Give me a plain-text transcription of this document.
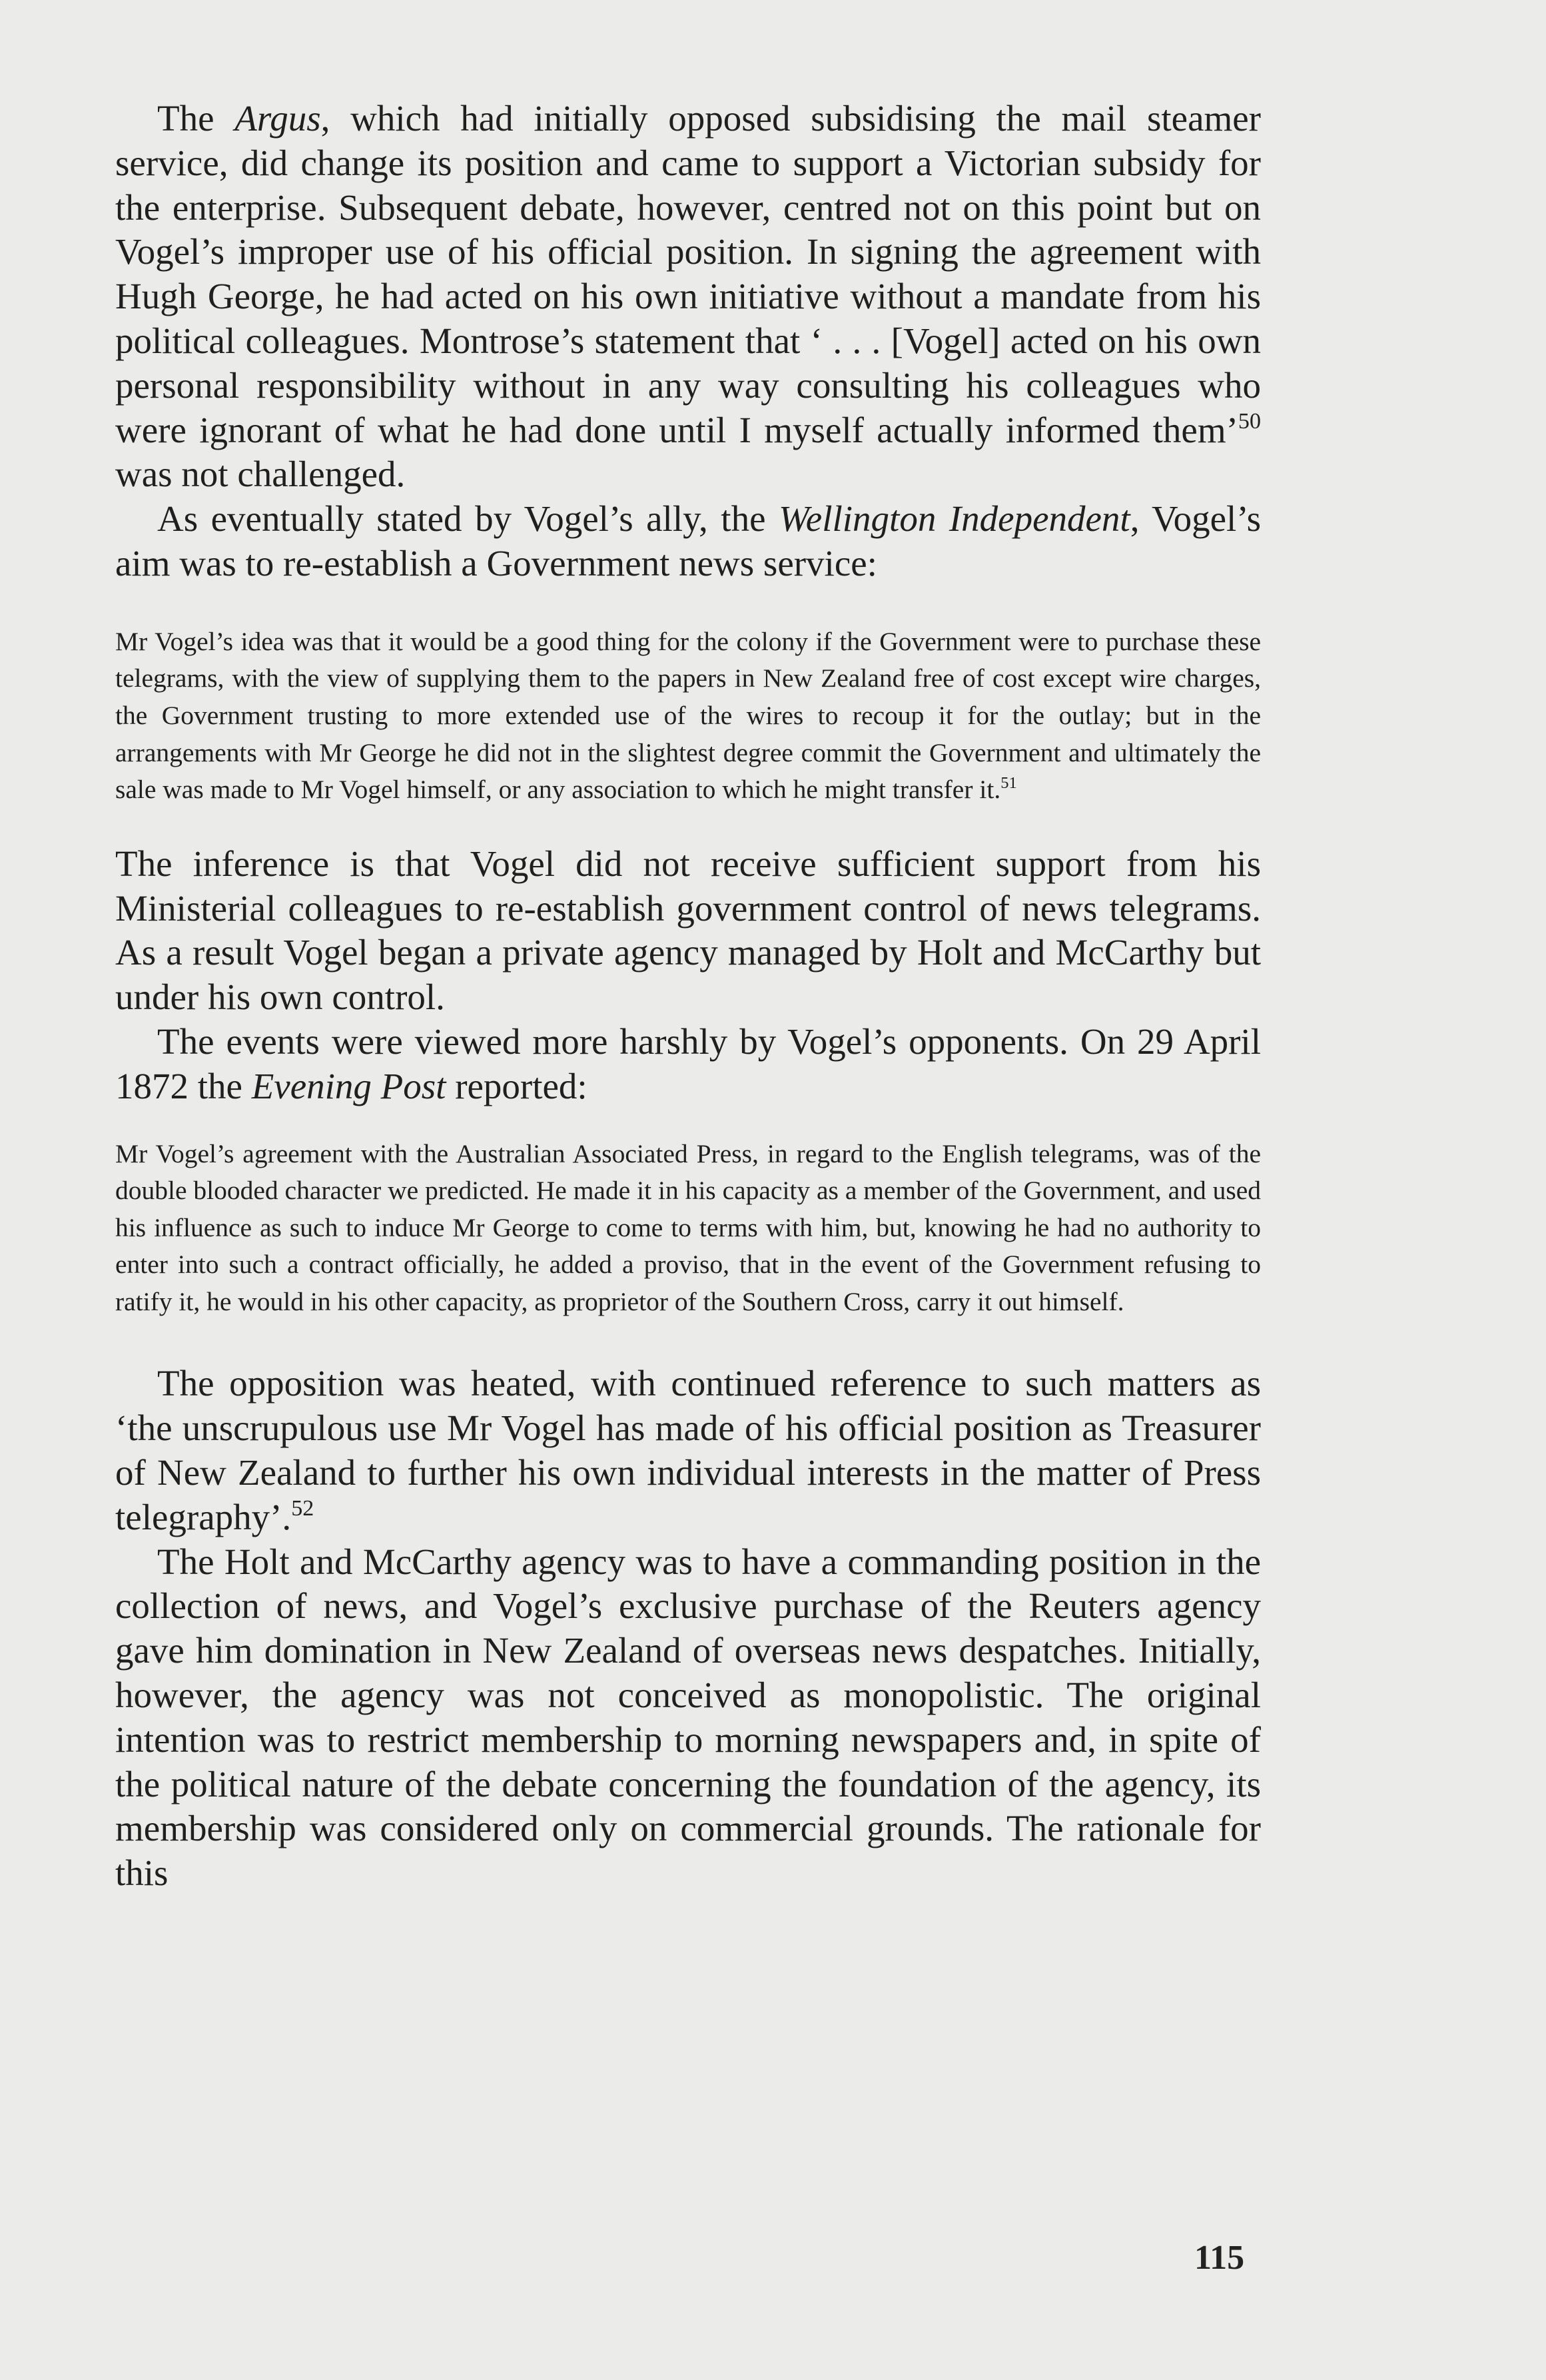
The Argus, which had initially opposed subsidising the mail steamer service, did change its position and came to support a Victorian subsidy for the enterprise. Subsequent debate, however, centred not on this point but on Vogel’s improper use of his official position. In signing the agreement with Hugh George, he had acted on his own initiative without a mandate from his political colleagues. Montrose’s statement that ‘ . . . [Vogel] acted on his own personal responsibility without in any way consulting his colleagues who were ignorant of what he had done until I myself actually informed them’$^{50}$ was not challenged.

As eventually stated by Vogel’s ally, the Wellington Independent, Vogel’s aim was to re-establish a Government news service:

Mr Vogel’s idea was that it would be a good thing for the colony if the Government were to purchase these telegrams, with the view of supplying them to the papers in New Zealand free of cost except wire charges, the Government trusting to more extended use of the wires to recoup it for the outlay; but in the arrangements with Mr George he did not in the slightest degree commit the Government and ultimately the sale was made to Mr Vogel himself, or any association to which he might transfer it.$^{51}$

The inference is that Vogel did not receive sufficient support from his Ministerial colleagues to re-establish government control of news telegrams. As a result Vogel began a private agency managed by Holt and McCarthy but under his own control.

The events were viewed more harshly by Vogel’s opponents. On 29 April 1872 the Evening Post reported:

Mr Vogel’s agreement with the Australian Associated Press, in regard to the English telegrams, was of the double blooded character we predicted. He made it in his capacity as a member of the Government, and used his influence as such to induce Mr George to come to terms with him, but, knowing he had no authority to enter into such a contract officially, he added a proviso, that in the event of the Government refusing to ratify it, he would in his other capacity, as proprietor of the Southern Cross, carry it out himself.

The opposition was heated, with continued reference to such matters as ‘the unscrupulous use Mr Vogel has made of his official position as Treasurer of New Zealand to further his own individual interests in the matter of Press telegraphy’.$^{52}$

The Holt and McCarthy agency was to have a commanding position in the collection of news, and Vogel’s exclusive purchase of the Reuters agency gave him domination in New Zealand of overseas news despatches. Initially, however, the agency was not conceived as monopolistic. The original intention was to restrict membership to morning newspapers and, in spite of the political nature of the debate concerning the foundation of the agency, its membership was considered only on commercial grounds. The rationale for this

115
